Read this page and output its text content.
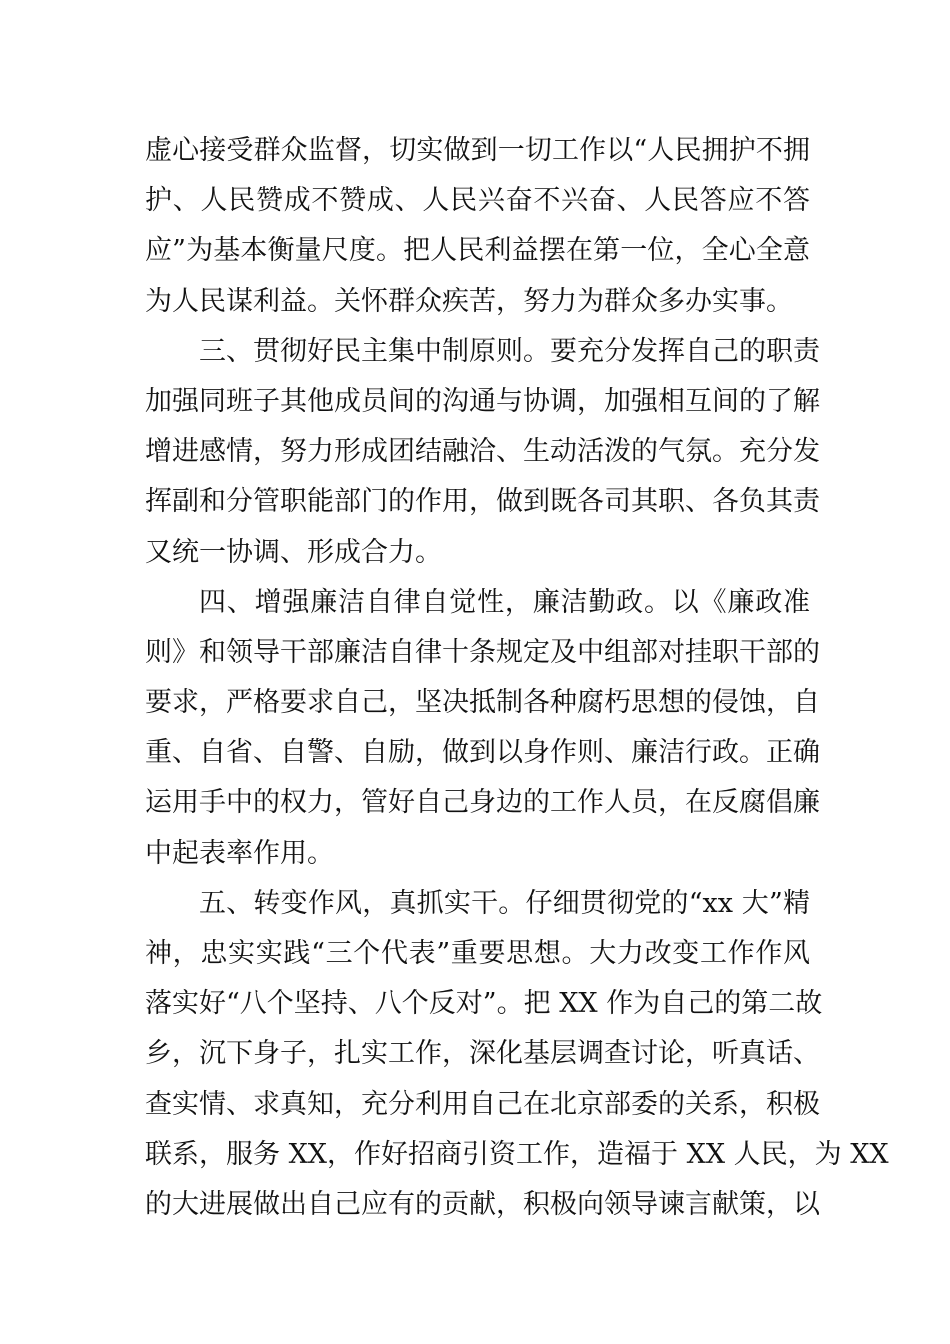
虚心接受群众监督，切实做到一切工作以“人民拥护不拥
护、人民赞成不赞成、人民兴奋不兴奋、人民答应不答
应”为基本衡量尺度。把人民利益摆在第一位，全心全意
为人民谋利益。关怀群众疾苦，努力为群众多办实事。
三、贯彻好民主集中制原则。要充分发挥自己的职责
加强同班子其他成员间的沟通与协调，加强相互间的了解
增进感情，努力形成团结融洽、生动活泼的气氛。充分发
挥副和分管职能部门的作用，做到既各司其职、各负其责
又统一协调、形成合力。
四、增强廉洁自律自觉性，廉洁勤政。以《廉政准
则》和领导干部廉洁自律十条规定及中组部对挂职干部的
要求，严格要求自己，坚决抵制各种腐朽思想的侵蚀，自
重、自省、自警、自励，做到以身作则、廉洁行政。正确
运用手中的权力，管好自己身边的工作人员，在反腐倡廉
中起表率作用。
五、转变作风，真抓实干。仔细贯彻党的“xx 大”精
神，忠实实践“三个代表”重要思想。大力改变工作作风
落实好“八个坚持、八个反对”。把 XX 作为自己的第二故
乡，沉下身子，扎实工作，深化基层调查讨论，听真话、
查实情、求真知，充分利用自己在北京部委的关系，积极
联系，服务 XX，作好招商引资工作，造福于 XX 人民，为 XX
的大进展做出自己应有的贡献，积极向领导谏言献策，以
